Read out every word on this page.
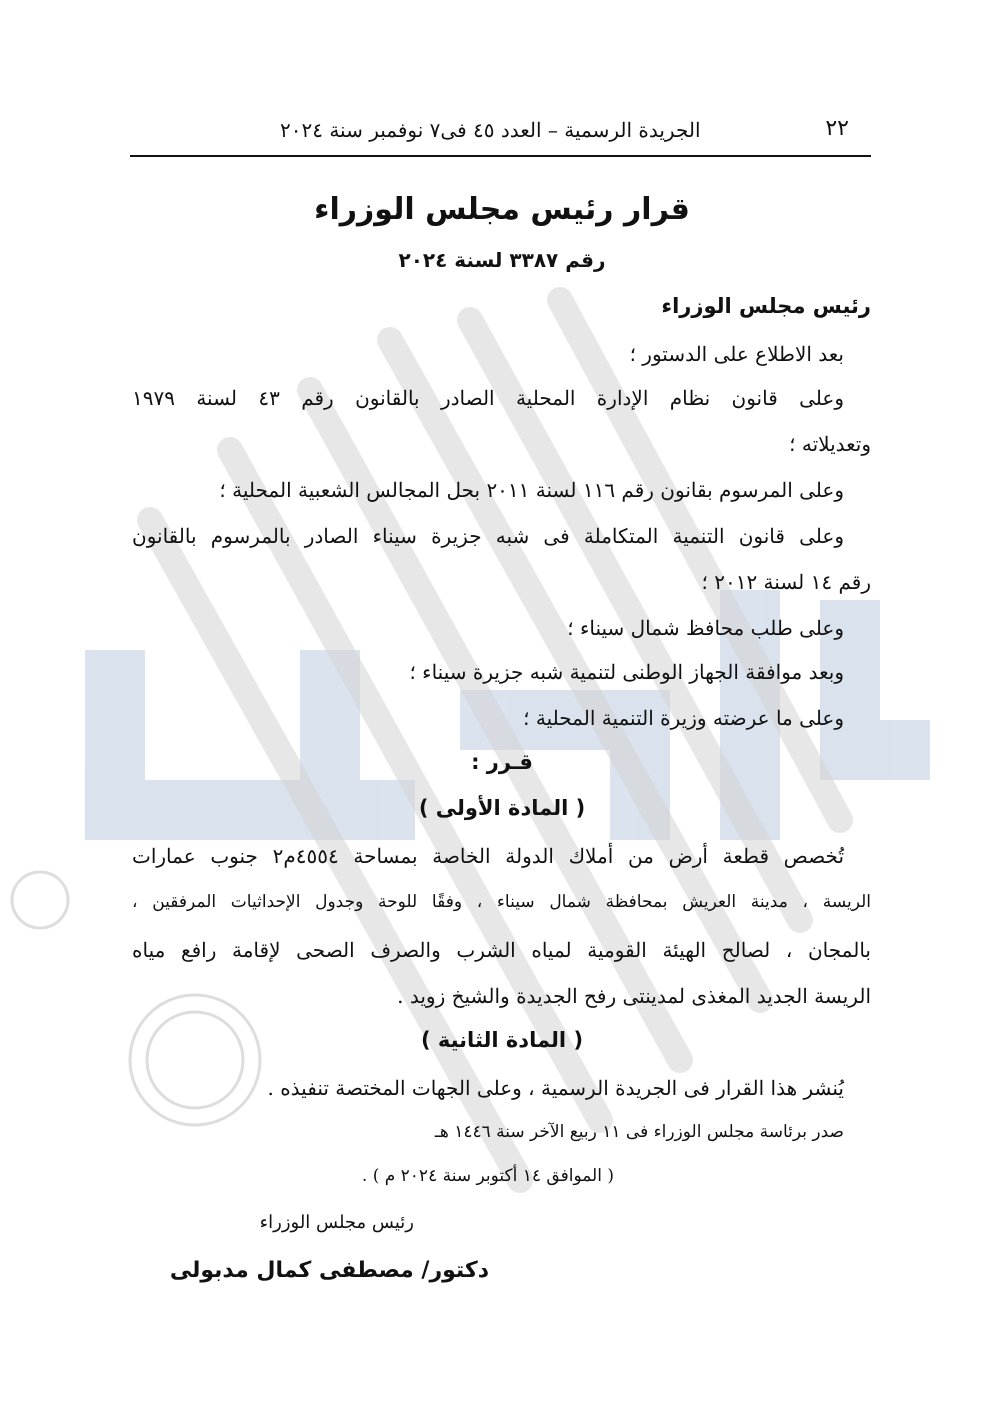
٢٢
الجريدة الرسمية – العدد ٤٥ فى٧ نوفمبر سنة ٢٠٢٤
قرار رئيس مجلس الوزراء
رقم ٣٣٨٧ لسنة ٢٠٢٤
رئيس مجلس الوزراء
بعد الاطلاع على الدستور ؛
وعلى قانون نظام الإدارة المحلية الصادر بالقانون رقم ٤٣ لسنة ١٩٧٩
وتعديلاته ؛
وعلى المرسوم بقانون رقم ١١٦ لسنة ٢٠١١ بحل المجالس الشعبية المحلية ؛
وعلى قانون التنمية المتكاملة فى شبه جزيرة سيناء الصادر بالمرسوم بالقانون
رقم ١٤ لسنة ٢٠١٢ ؛
وعلى طلب محافظ شمال سيناء ؛
وبعد موافقة الجهاز الوطنى لتنمية شبه جزيرة سيناء ؛
وعلى ما عرضته وزيرة التنمية المحلية ؛
قـرر :
( المادة الأولى )
تُخصص قطعة أرض من أملاك الدولة الخاصة بمساحة ٤٥٥٤م٢ جنوب عمارات
الريسة ، مدينة العريش بمحافظة شمال سيناء ، وفقًا للوحة وجدول الإحداثيات المرفقين ،
بالمجان ، لصالح الهيئة القومية لمياه الشرب والصرف الصحى لإقامة رافع مياه
الريسة الجديد المغذى لمدينتى رفح الجديدة والشيخ زويد .
( المادة الثانية )
يُنشر هذا القرار فى الجريدة الرسمية ، وعلى الجهات المختصة تنفيذه .
صدر برئاسة مجلس الوزراء فى ١١ ربيع الآخر سنة ١٤٤٦ هـ
( الموافق ١٤ أكتوبر سنة ٢٠٢٤ م ) .
رئيس مجلس الوزراء
دكتور/ مصطفى كمال مدبولى
